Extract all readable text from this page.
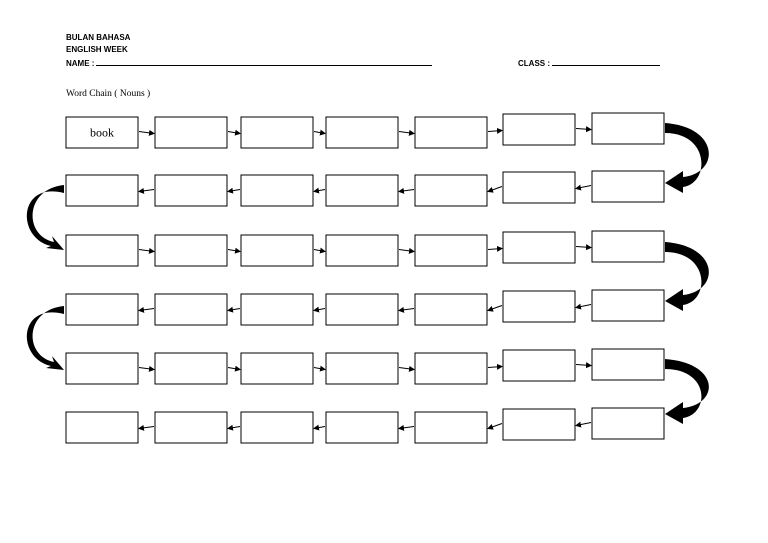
BULAN BAHASA
ENGLISH WEEK
NAME :	CLASS :
Word Chain ( Nouns )
book
